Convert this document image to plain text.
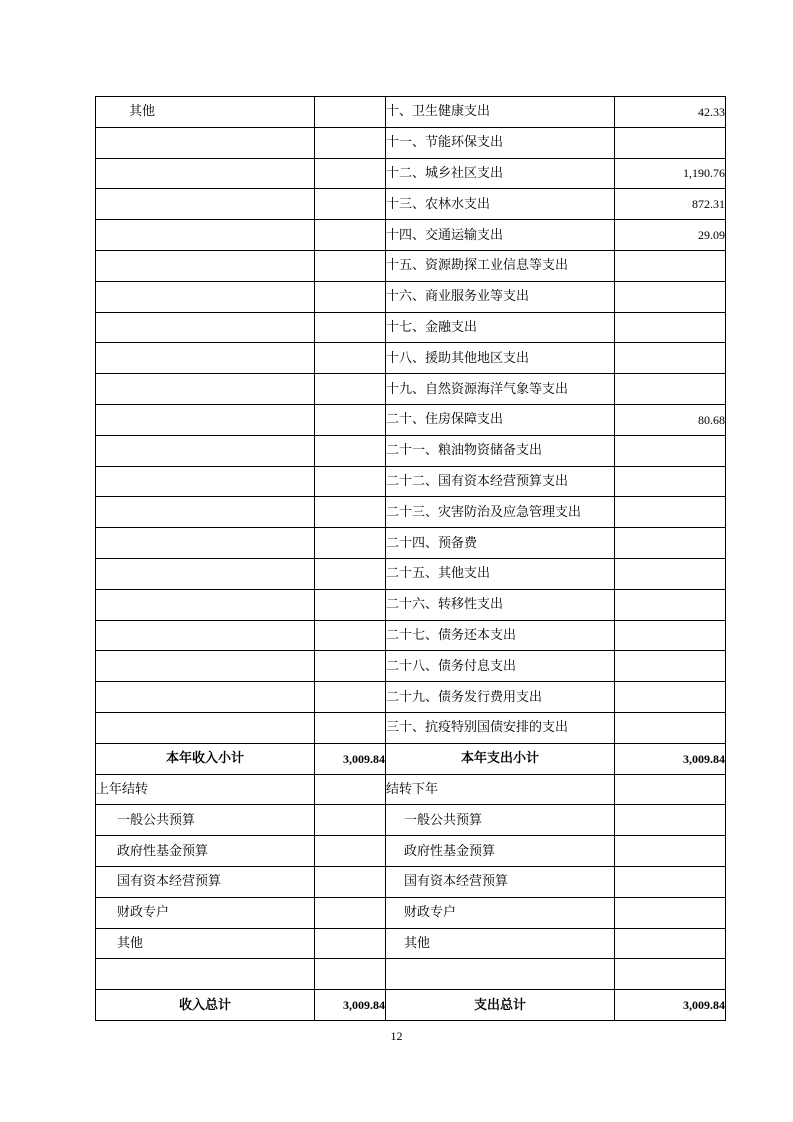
其他		十、卫生健康支出	42.33
		十一、节能环保支出	
		十二、城乡社区支出	1,190.76
		十三、农林水支出	872.31
		十四、交通运输支出	29.09
		十五、资源勘探工业信息等支出	
		十六、商业服务业等支出	
		十七、金融支出	
		十八、援助其他地区支出	
		十九、自然资源海洋气象等支出	
		二十、住房保障支出	80.68
		二十一、粮油物资储备支出	
		二十二、国有资本经营预算支出	
		二十三、灾害防治及应急管理支出	
		二十四、预备费	
		二十五、其他支出	
		二十六、转移性支出	
		二十七、债务还本支出	
		二十八、债务付息支出	
		二十九、债务发行费用支出	
		三十、抗疫特别国债安排的支出	
本年收入小计	3,009.84	本年支出小计	3,009.84
上年结转		结转下年	
一般公共预算		一般公共预算	
政府性基金预算		政府性基金预算	
国有资本经营预算		国有资本经营预算	
财政专户		财政专户	
其他		其他	

收入总计	3,009.84	支出总计	3,009.84
12
